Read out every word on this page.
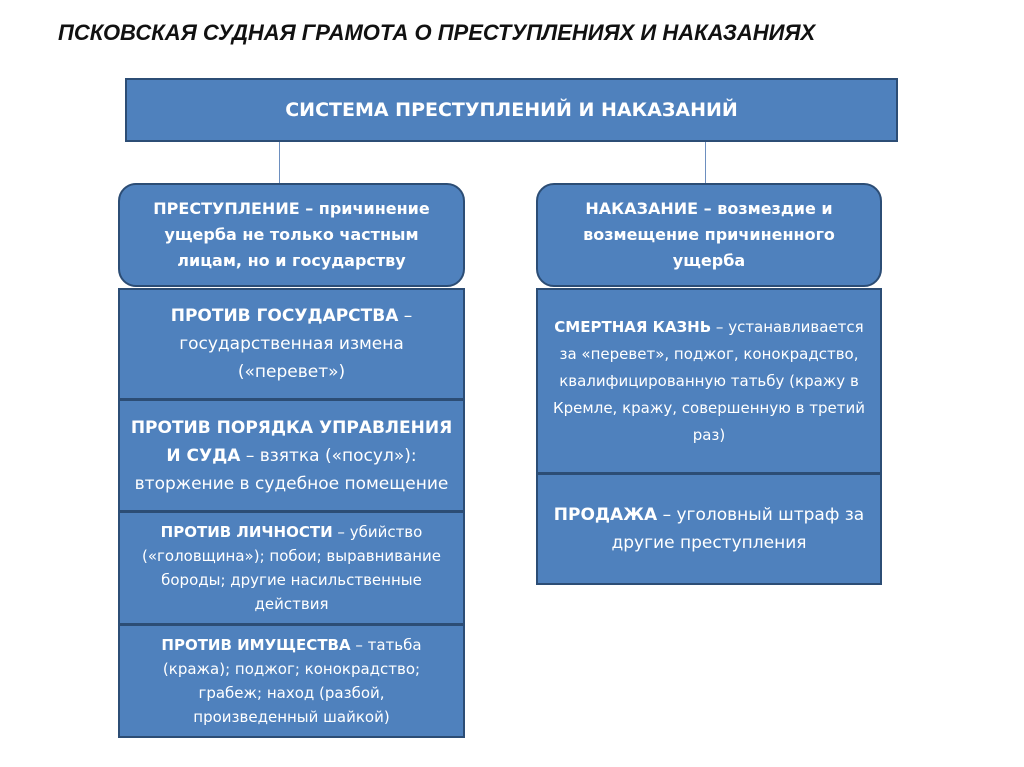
ПСКОВСКАЯ СУДНАЯ ГРАМОТА О ПРЕСТУПЛЕНИЯХ И НАКАЗАНИЯХ
СИСТЕМА ПРЕСТУПЛЕНИЙ И НАКАЗАНИЙ
ПРЕСТУПЛЕНИЕ – причинение ущерба не только частным лицам, но и государству
ПРОТИВ ГОСУДАРСТВА – государственная измена («перевет»)
ПРОТИВ ПОРЯДКА УПРАВЛЕНИЯ И СУДА – взятка («посул»): вторжение в судебное помещение
ПРОТИВ ЛИЧНОСТИ – убийство («головщина»); побои; выравнивание бороды; другие насильственные действия
ПРОТИВ ИМУЩЕСТВА – татьба (кража); поджог; конокрадство; грабеж; наход (разбой, произведенный шайкой)
НАКАЗАНИЕ – возмездие и возмещение причиненного ущерба
СМЕРТНАЯ КАЗНЬ – устанавливается за «перевет», поджог, конокрадство, квалифицированную татьбу (кражу в Кремле, кражу, совершенную в третий раз)
ПРОДАЖА – уголовный штраф за другие преступления
